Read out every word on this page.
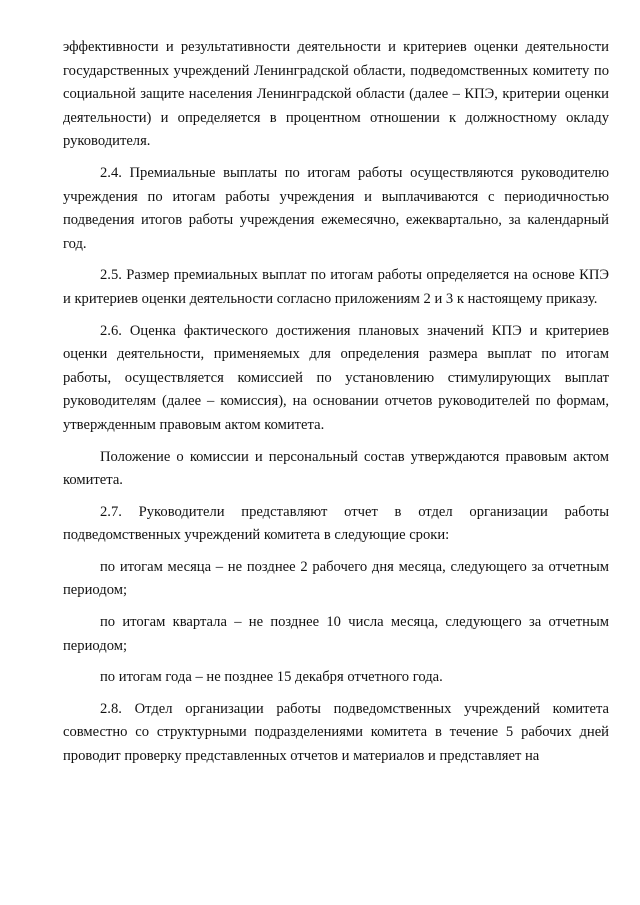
эффективности и результативности деятельности и критериев оценки деятельности государственных учреждений Ленинградской области, подведомственных комитету по социальной защите населения Ленинградской области (далее – КПЭ, критерии оценки деятельности) и определяется в процентном отношении к должностному окладу руководителя.

2.4. Премиальные выплаты по итогам работы осуществляются руководителю учреждения по итогам работы учреждения и выплачиваются с периодичностью подведения итогов работы учреждения ежемесячно, ежеквартально, за календарный год.

2.5. Размер премиальных выплат по итогам работы определяется на основе КПЭ и критериев оценки деятельности согласно приложениям 2 и 3 к настоящему приказу.

2.6. Оценка фактического достижения плановых значений КПЭ и критериев оценки деятельности, применяемых для определения размера выплат по итогам работы, осуществляется комиссией по установлению стимулирующих выплат руководителям (далее – комиссия), на основании отчетов руководителей по формам, утвержденным правовым актом комитета.

Положение о комиссии и персональный состав утверждаются правовым актом комитета.

2.7. Руководители представляют отчет в отдел организации работы подведомственных учреждений комитета в следующие сроки:

по итогам месяца – не позднее 2 рабочего дня месяца, следующего за отчетным периодом;

по итогам квартала – не позднее 10 числа месяца, следующего за отчетным периодом;

по итогам года – не позднее 15 декабря отчетного года.

2.8. Отдел организации работы подведомственных учреждений комитета совместно со структурными подразделениями комитета в течение 5 рабочих дней проводит проверку представленных отчетов и материалов и представляет на
